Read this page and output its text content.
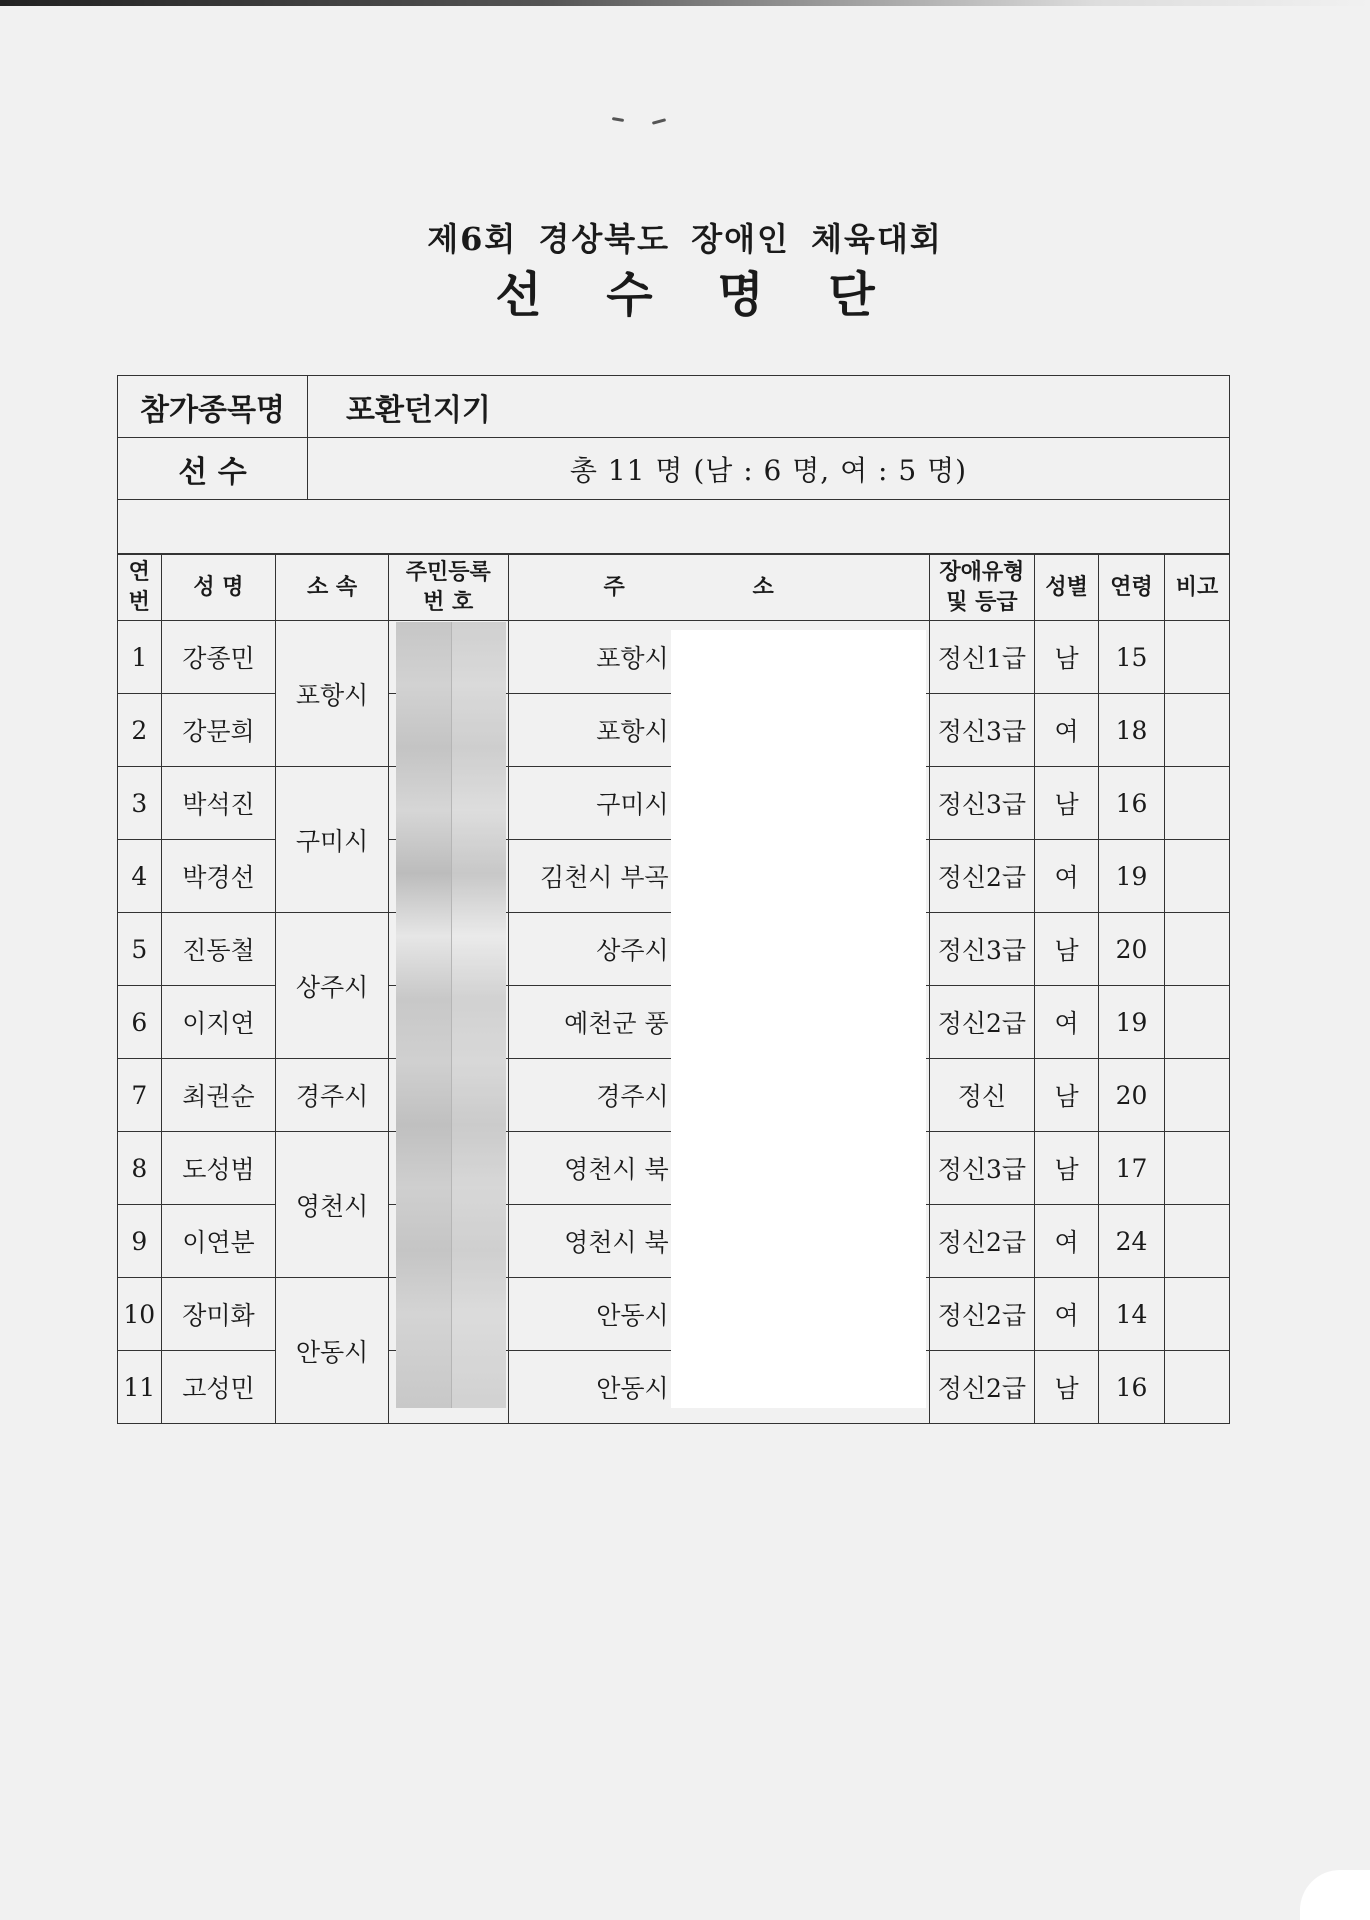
제6회 경상북도 장애인 체육대회
선 수 명 단
참가종목명	포환던지기
선 수	총 11 명 (남 : 6 명, 여 : 5 명)

연번	성 명	소 속	주민등록 번 호	주 소	장애유형 및 등급	성별	연령	비고
1	강종민	포항시		포항시	정신1급	남	15	
2	강문희			포항시	정신3급	여	18	
3	박석진	구미시		구미시	정신3급	남	16	
4	박경선			김천시 부곡	정신2급	여	19	
5	진동철	상주시		상주시	정신3급	남	20	
6	이지연			예천군 풍	정신2급	여	19	
7	최권순	경주시		경주시	정신	남	20	
8	도성범	영천시		영천시 북	정신3급	남	17	
9	이연분			영천시 북	정신2급	여	24	
10	장미화	안동시		안동시	정신2급	여	14	
11	고성민			안동시	정신2급	남	16	
